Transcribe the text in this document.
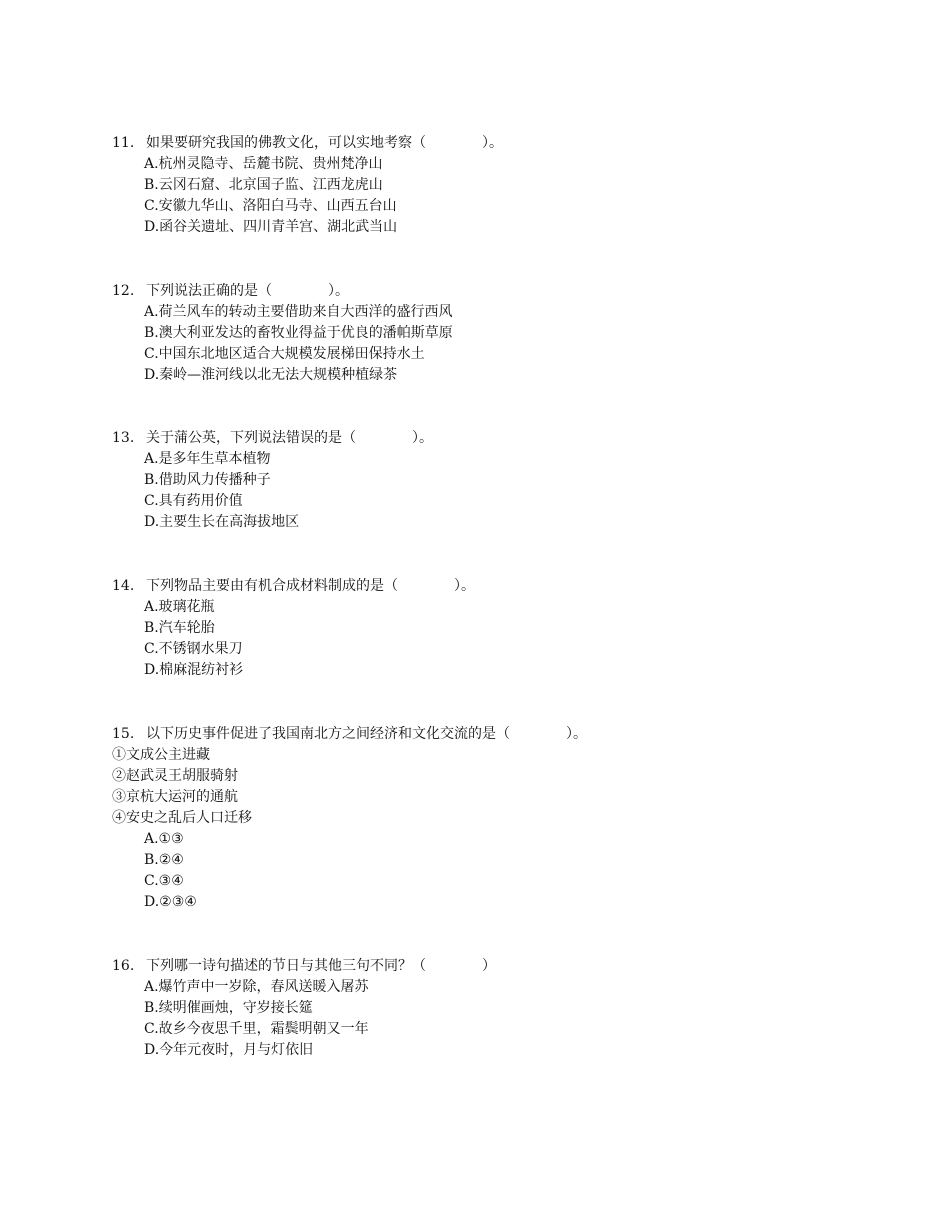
11. 如果要研究我国的佛教文化，可以实地考察（　　　　）。
A.杭州灵隐寺、岳麓书院、贵州梵净山
B.云冈石窟、北京国子监、江西龙虎山
C.安徽九华山、洛阳白马寺、山西五台山
D.函谷关遗址、四川青羊宫、湖北武当山
12. 下列说法正确的是（　　　　）。
A.荷兰风车的转动主要借助来自大西洋的盛行西风
B.澳大利亚发达的畜牧业得益于优良的潘帕斯草原
C.中国东北地区适合大规模发展梯田保持水土
D.秦岭—淮河线以北无法大规模种植绿茶
13. 关于蒲公英，下列说法错误的是（　　　　）。
A.是多年生草本植物
B.借助风力传播种子
C.具有药用价值
D.主要生长在高海拔地区
14. 下列物品主要由有机合成材料制成的是（　　　　）。
A.玻璃花瓶
B.汽车轮胎
C.不锈钢水果刀
D.棉麻混纺衬衫
15. 以下历史事件促进了我国南北方之间经济和文化交流的是（　　　　）。
①文成公主进藏
②赵武灵王胡服骑射
③京杭大运河的通航
④安史之乱后人口迁移
A.①③
B.②④
C.③④
D.②③④
16. 下列哪一诗句描述的节日与其他三句不同？（　　　　）
A.爆竹声中一岁除，春风送暖入屠苏
B.续明催画烛，守岁接长筵
C.故乡今夜思千里，霜鬓明朝又一年
D.今年元夜时，月与灯依旧
